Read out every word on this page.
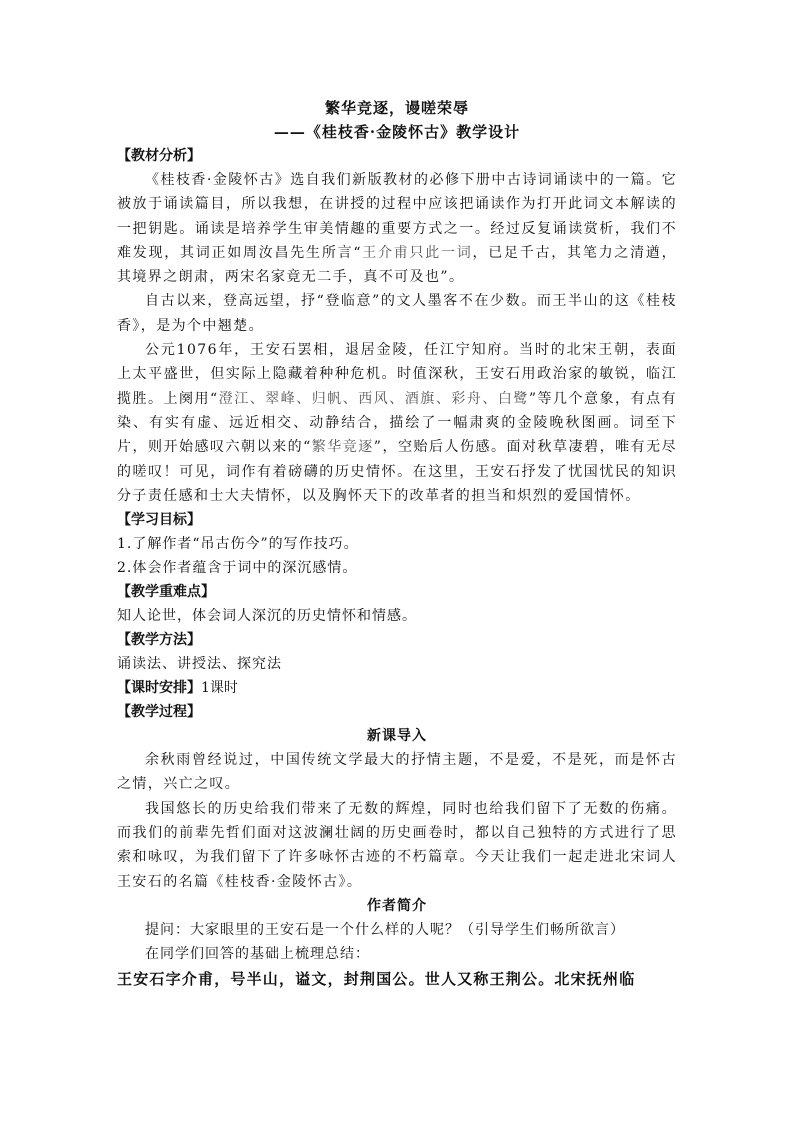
繁华竞逐，谩嗟荣辱
——《桂枝香·金陵怀古》教学设计
【教材分析】

《桂枝香·金陵怀古》选自我们新版教材的必修下册中古诗词诵读中的一篇。它被放于诵读篇目，所以我想，在讲授的过程中应该把诵读作为打开此词文本解读的一把钥匙。诵读是培养学生审美情趣的重要方式之一。经过反复诵读赏析，我们不难发现，其词正如周汝昌先生所言“王介甫只此一词，已足千古，其笔力之清遒，其境界之朗肃，两宋名家竟无二手，真不可及也”。

自古以来，登高远望，抒“登临意”的文人墨客不在少数。而王半山的这《桂枝香》，是为个中翘楚。

公元1076年，王安石罢相，退居金陵，任江宁知府。当时的北宋王朝，表面上太平盛世，但实际上隐藏着种种危机。时值深秋，王安石用政治家的敏锐，临江揽胜。上阕用“澄江、翠峰、归帆、西风、酒旗、彩舟、白鹭”等几个意象，有点有染、有实有虚、远近相交、动静结合，描绘了一幅肃爽的金陵晚秋图画。词至下片，则开始感叹六朝以来的“繁华竞逐”，空贻后人伤感。面对秋草凄碧，唯有无尽的嗟叹！可见，词作有着磅礴的历史情怀。在这里，王安石抒发了忧国忧民的知识分子责任感和士大夫情怀，以及胸怀天下的改革者的担当和炽烈的爱国情怀。

【学习目标】

1.了解作者“吊古伤今”的写作技巧。

2.体会作者蕴含于词中的深沉感情。

【教学重难点】

知人论世，体会词人深沉的历史情怀和情感。

【教学方法】

诵读法、讲授法、探究法

【课时安排】1课时
【教学过程】
新课导入

余秋雨曾经说过，中国传统文学最大的抒情主题，不是爱，不是死，而是怀古之情，兴亡之叹。

我国悠长的历史给我们带来了无数的辉煌，同时也给我们留下了无数的伤痛。而我们的前辈先哲们面对这波澜壮阔的历史画卷时，都以自己独特的方式进行了思索和咏叹，为我们留下了许多咏怀古迹的不朽篇章。今天让我们一起走进北宋词人王安石的名篇《桂枝香·金陵怀古》。

作者简介

提问：大家眼里的王安石是一个什么样的人呢？（引导学生们畅所欲言）

在同学们回答的基础上梳理总结：

王安石字介甫，号半山，谥文，封荆国公。世人又称王荆公。北宋抚州临
